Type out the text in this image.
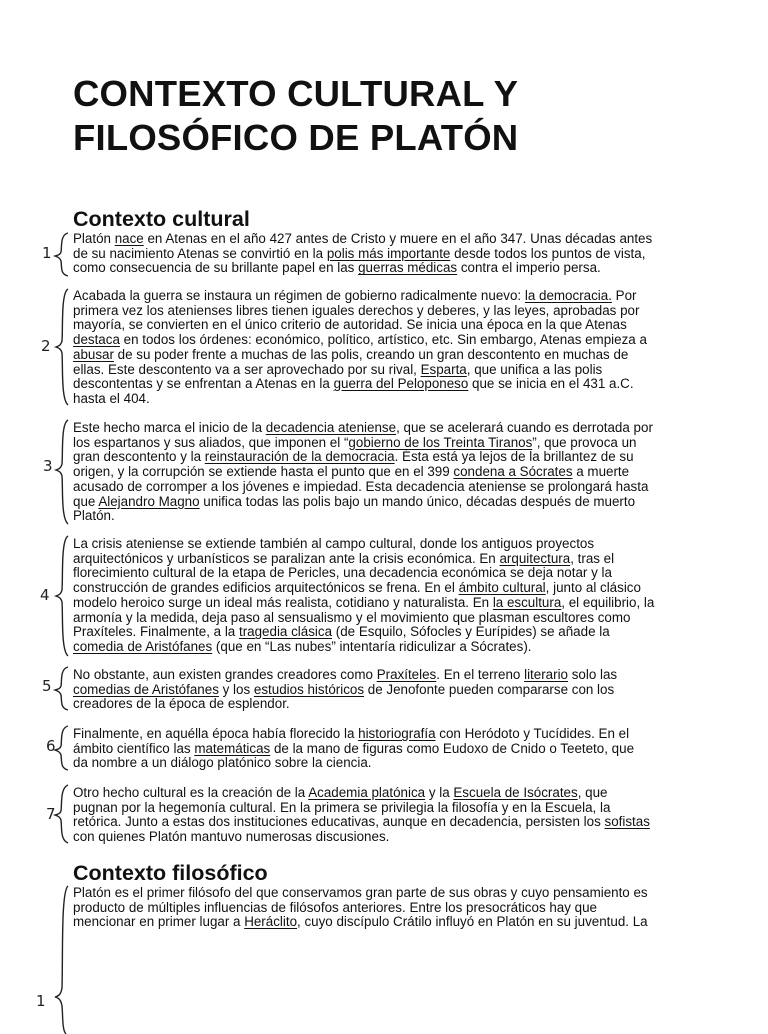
CONTEXTO CULTURAL Y
FILOSÓFICO DE PLATÓN
Contexto cultural
1

Platón nace en Atenas en el año 427 antes de Cristo y muere en el año 347. Unas décadas antes
de su nacimiento Atenas se convirtió en la polis más importante desde todos los puntos de vista,
como consecuencia de su brillante papel en las guerras médicas contra el imperio persa.

2

Acabada la guerra se instaura un régimen de gobierno radicalmente nuevo: la democracia. Por
primera vez los atenienses libres tienen iguales derechos y deberes, y las leyes, aprobadas por
mayoría, se convierten en el único criterio de autoridad. Se inicia una época en la que Atenas
destaca en todos los órdenes: económico, político, artístico, etc. Sin embargo, Atenas empieza a
abusar de su poder frente a muchas de las polis, creando un gran descontento en muchas de
ellas. Este descontento va a ser aprovechado por su rival, Esparta, que unifica a las polis
descontentas y se enfrentan a Atenas en la guerra del Peloponeso que se inicia en el 431 a.C.
hasta el 404.

3

Este hecho marca el inicio de la decadencia ateniense, que se acelerará cuando es derrotada por
los espartanos y sus aliados, que imponen el “gobierno de los Treinta Tiranos”, que provoca un
gran descontento y la reinstauración de la democracia. Ésta está ya lejos de la brillantez de su
origen, y la corrupción se extiende hasta el punto que en el 399 condena a Sócrates a muerte
acusado de corromper a los jóvenes e impiedad. Esta decadencia ateniense se prolongará hasta
que Alejandro Magno unifica todas las polis bajo un mando único, décadas después de muerto
Platón.

4

La crisis ateniense se extiende también al campo cultural, donde los antiguos proyectos
arquitectónicos y urbanísticos se paralizan ante la crisis económica. En arquitectura, tras el
florecimiento cultural de la etapa de Pericles, una decadencia económica se deja notar y la
construcción de grandes edificios arquitectónicos se frena. En el ámbito cultural, junto al clásico
modelo heroico surge un ideal más realista, cotidiano y naturalista. En la escultura, el equilibrio, la
armonía y la medida, deja paso al sensualismo y el movimiento que plasman escultores como
Praxíteles. Finalmente, a la tragedia clásica (de Esquilo, Sófocles y Eurípides) se añade la
comedia de Aristófanes (que en “Las nubes” intentaría ridiculizar a Sócrates).

5

No obstante, aun existen grandes creadores como Praxíteles. En el terreno literario solo las
comedias de Aristófanes y los estudios históricos de Jenofonte pueden compararse con los
creadores de la época de esplendor.

6

Finalmente, en aquélla época había florecido la historiografía con Heródoto y Tucídides. En el
ámbito científico las matemáticas de la mano de figuras como Eudoxo de Cnido o Teeteto, que
da nombre a un diálogo platónico sobre la ciencia.

7

Otro hecho cultural es la creación de la Academia platónica y la Escuela de Isócrates, que
pugnan por la hegemonía cultural. En la primera se privilegia la filosofía y en la Escuela, la
retórica. Junto a estas dos instituciones educativas, aunque en decadencia, persisten los sofistas
con quienes Platón mantuvo numerosas discusiones.

Contexto filosófico
1

Platón es el primer filósofo del que conservamos gran parte de sus obras y cuyo pensamiento es
producto de múltiples influencias de filósofos anteriores. Entre los presocráticos hay que
mencionar en primer lugar a Heráclito, cuyo discípulo Crátilo influyó en Platón en su juventud. La
